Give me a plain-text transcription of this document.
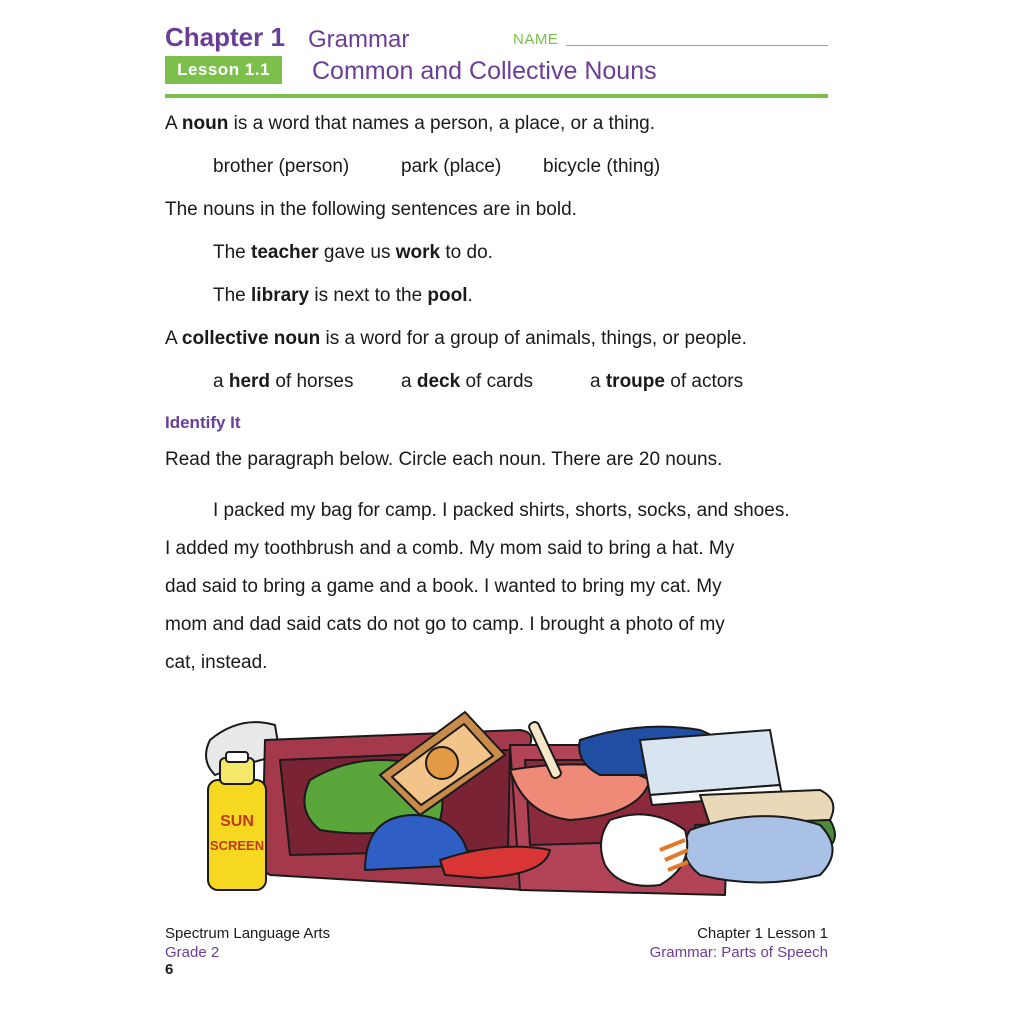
Chapter 1 Grammar	NAME
Lesson 1.1	Common and Collective Nouns
A noun is a word that names a person, a place, or a thing.
brother (person)	park (place) bicycle (thing)
The nouns in the following sentences are in bold.
The teacher gave us work to do.
The library is next to the pool.
A collective noun is a word for a group of animals, things, or people.
a herd of horses	a deck of cards	a troupe of actors
Identify It
Read the paragraph below. Circle each noun. There are 20 nouns.
I packed my bag for camp. I packed shirts, shorts, socks, and shoes.
I added my toothbrush and a comb. My mom said to bring a hat. My
dad said to bring a game and a book. I wanted to bring my cat. My
mom and dad said cats do not go to camp. I brought a photo of my
cat, instead.
SUN
SCREEN
Spectrum Language Arts
Grade 2
6
Chapter 1 Lesson 1
Grammar: Parts of Speech
